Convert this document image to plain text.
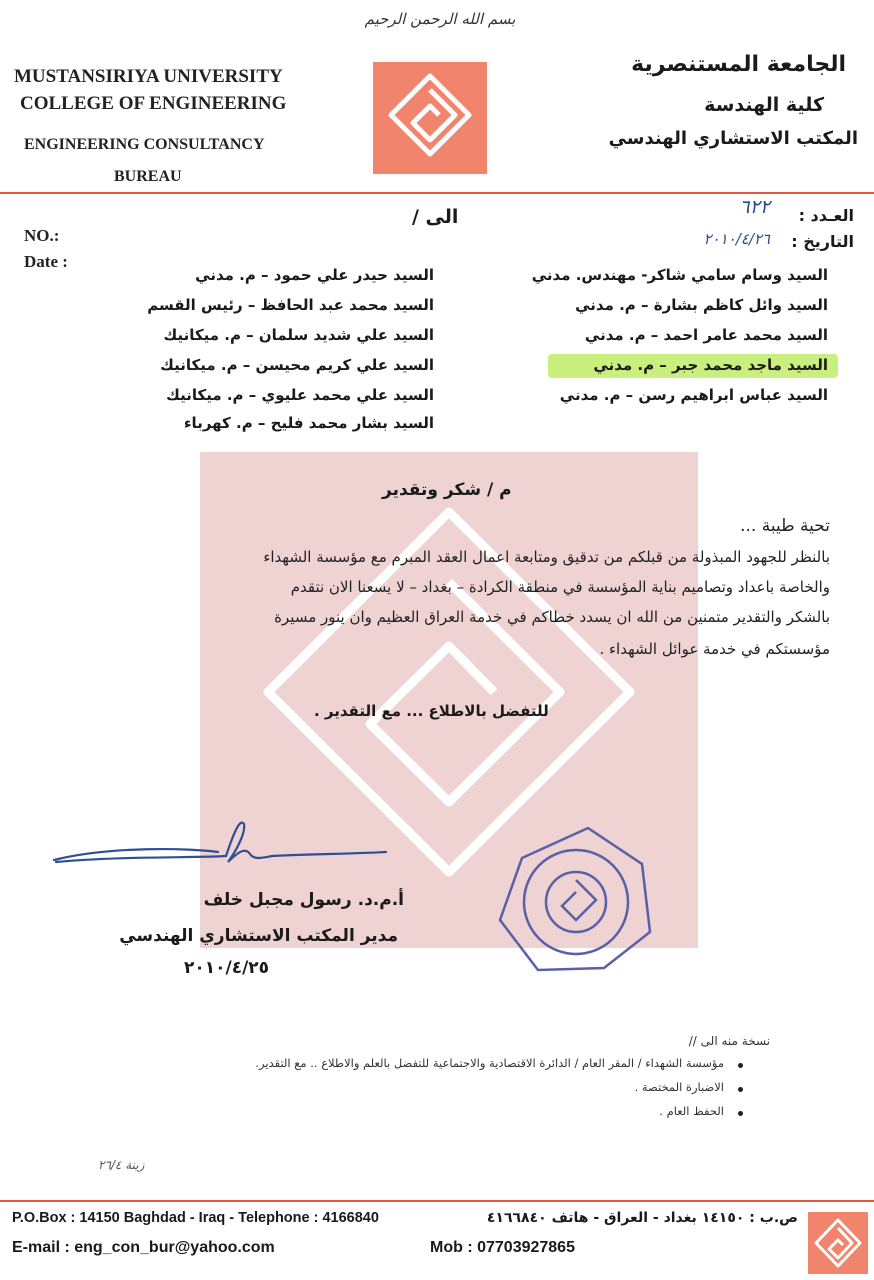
بسم الله الرحمن الرحيم
MUSTANSIRIYA UNIVERSITY
COLLEGE OF ENGINEERING
ENGINEERING CONSULTANCY
BUREAU
الجامعة المستنصرية
كلية الهندسة
المكتب الاستشاري الهندسي
NO.:
Date :
الى /	العـدد :
٦٢٢
التاريخ :
٢٠١٠/٤/٢٦
السيد وسام سامي شاكر- مهندس. مدني
السيد وائل كاظم بشارة – م. مدني
السيد محمد عامر احمد – م. مدني
السيد ماجد محمد جبر – م. مدني
السيد عباس ابراهيم رسن – م. مدني
السيد حيدر علي حمود – م. مدني
السيد محمد عبد الحافظ – رئيس القسم
السيد علي شديد سلمان – م. ميكانيك
السيد علي كريم محيسن – م. ميكانيك
السيد علي محمد عليوي – م. ميكانيك
السيد بشار محمد فليح – م. كهرباء
م / شكر وتقدير
تحية طيبة ...
بالنظر للجهود المبذولة من قبلكم من تدقيق ومتابعة اعمال العقد المبرم مع مؤسسة الشهداء
والخاصة باعداد وتصاميم بناية المؤسسة في منطقة الكرادة – بغداد – لا يسعنا الان نتقدم
بالشكر والتقدير متمنين من الله ان يسدد خطاكم في خدمة العراق العظيم وان ينور مسيرة
مؤسستكم في خدمة عوائل الشهداء .
للتفضل بالاطلاع ... مع التقدير .
أ.م.د. رسول مجبل خلف
مدير المكتب الاستشاري الهندسي
٢٠١٠/٤/٢٥
نسخة منه الى //
مؤسسة الشهداء / المقر العام / الدائرة الاقتصادية والاجتماعية للتفضل بالعلم والاطلاع .. مع التقدير.
الاضبارة المختصة .
الحفظ العام .
زينة ٢٦/٤
P.O.Box : 14150 Baghdad - Iraq - Telephone : 4166840	ص.ب : ١٤١٥٠ بغداد - العراق - هاتف ٤١٦٦٨٤٠
E-mail : eng_con_bur@yahoo.com	Mob : 07703927865
